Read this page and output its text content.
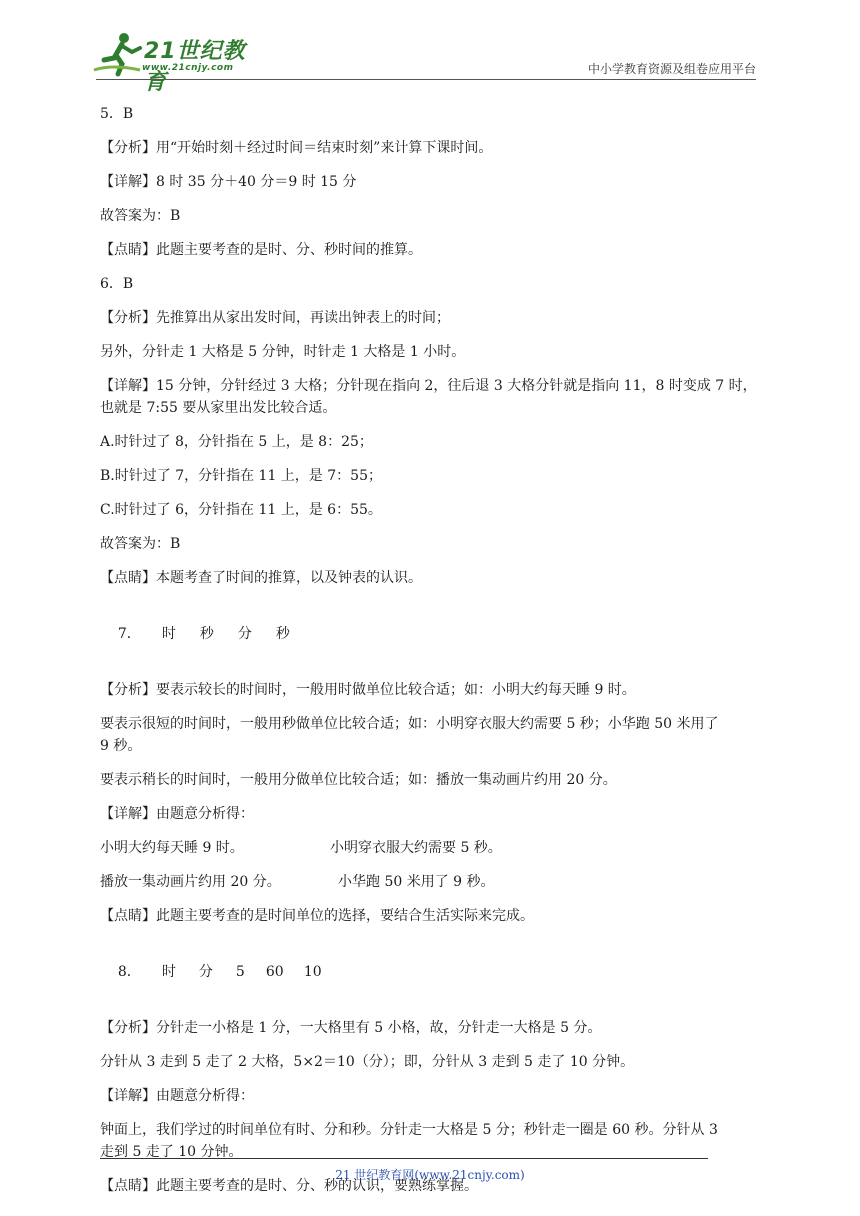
21世纪教育
www.21cnjy.com	中小学教育资源及组卷应用平台
5．B
【分析】用“开始时刻＋经过时间＝结束时刻”来计算下课时间。
【详解】8 时 35 分＋40 分＝9 时 15 分
故答案为：B
【点睛】此题主要考查的是时、分、秒时间的推算。
6．B
【分析】先推算出从家出发时间，再读出钟表上的时间；
另外，分针走 1 大格是 5 分钟，时针走 1 大格是 1 小时。
【详解】15 分钟，分针经过 3 大格；分针现在指向 2，往后退 3 大格分针就是指向 11，8 时变成 7 时，
也就是 7:55 要从家里出发比较合适。
A.时针过了 8，分针指在 5 上，是 8：25；
B.时针过了 7，分针指在 11 上，是 7：55；
C.时针过了 6，分针指在 11 上，是 6：55。
故答案为：B
【点睛】本题考查了时间的推算，以及钟表的认识。

7． 时 秒 分 秒

【分析】要表示较长的时间时，一般用时做单位比较合适；如：小明大约每天睡 9 时。
要表示很短的时间时，一般用秒做单位比较合适；如：小明穿衣服大约需要 5 秒；小华跑 50 米用了
9 秒。
要表示稍长的时间时，一般用分做单位比较合适；如：播放一集动画片约用 20 分。
【详解】由题意分析得：
小明大约每天睡 9 时。	小明穿衣服大约需要 5 秒。
播放一集动画片约用 20 分。	小华跑 50 米用了 9 秒。
【点睛】此题主要考查的是时间单位的选择，要结合生活实际来完成。

8． 时 分 5 60 10

【分析】分针走一小格是 1 分，一大格里有 5 小格，故，分针走一大格是 5 分。
分针从 3 走到 5 走了 2 大格，5×2＝10（分）；即，分针从 3 走到 5 走了 10 分钟。
【详解】由题意分析得：
钟面上，我们学过的时间单位有时、分和秒。分针走一大格是 5 分；秒针走一圈是 60 秒。分针从 3
走到 5 走了 10 分钟。
【点睛】此题主要考查的是时、分、秒的认识，要熟练掌握。
21 世纪教育网(www.21cnjy.com)
